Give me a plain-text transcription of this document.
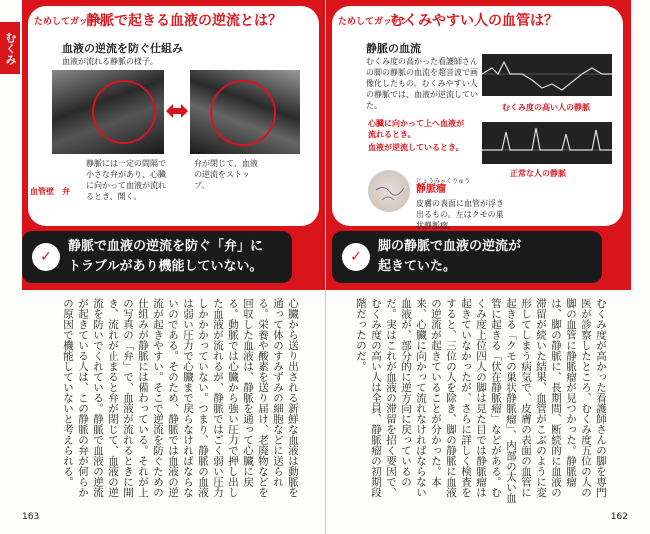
むくみ
ためしてガッテン
静脈で起きる血液の逆流とは？
血液の逆流を防ぐ仕組み
血液が流れる静脈の様子。
血管壁 弁
静脈には一定の間隔で小さな弁があり、心臓に向かって血液が流れるとき、開く。
弁が閉じて、血液の逆流をストップ。
✓
静脈で血液の逆流を防ぐ「弁」に
トラブルがあり機能していない。
心臓から送り出される新鮮な血液は動脈を通って体のすみずみの細胞などに送られる。栄養や酸素を送り届け、老廃物などを回収した血液は、静脈を通って心臓に戻る。動脈では心臓から強い圧力で押し出した血液が流れるが、静脈ではごく弱い圧力しかかかっていない。つまり、静脈の血液は弱い圧力で心臓まで戻らなければならないのである。そのため、静脈では血液の逆流が起きやすい。そこで逆流を防ぐための仕組みが静脈には備わっている。それが上の写真の「弁」で、血液が流れるときに開き、流れが止まると弁が閉じて、血液の逆流を防いでくれている。静脈で血液の逆流が起きている人は、この静脈の弁が何らかの原因で機能していないと考えられる。
163
ためしてガッテン
むくみやすい人の血管は？
静脈の血流
むくみ度の高かった看護師さんの脚の静脈の血流を超音波で画像化したもの。むくみやすい人の静脈では、血液が逆流していた。	むくみ度の高い人の静脈
心臓に向かって上へ血液が流れるとき。
血液が逆流しているとき。
正常な人の静脈
じょうみゃくりゅう
静脈瘤
皮膚の表面に血管が浮き出るもの。左はクモの巣状静脈瘤。
✓
脚の静脈で血液の逆流が
起きていた。
むくみ度が高かった看護師さんの脚を専門医が診察したところ、むくみ度五位の人の脚の血管に静脈瘤が見つかった。静脈瘤は、脚の静脈に、長期間、断続的に血液の滞留が続いた結果、血管がこぶのように変形してしまう病気で、皮膚の表面の血管に起きる「クモの巣状静脈瘤」、内部の太い血管に起きる「伏在静脈瘤」などがある。むくみ度上位四人の脚は見た目では静脈瘤は起きていなかったが、さらに詳しく検査をすると、三位の人を除き、脚の静脈に血液の逆流が起きていることが分かった。本来、心臓に向かって流れなければならない血液が、部分的に逆方向に戻っているのだ。実はこれが血液の滞留を招く要因で、むくみ度の高い人は全員、静脈瘤の初期段階だったのだ。
162
